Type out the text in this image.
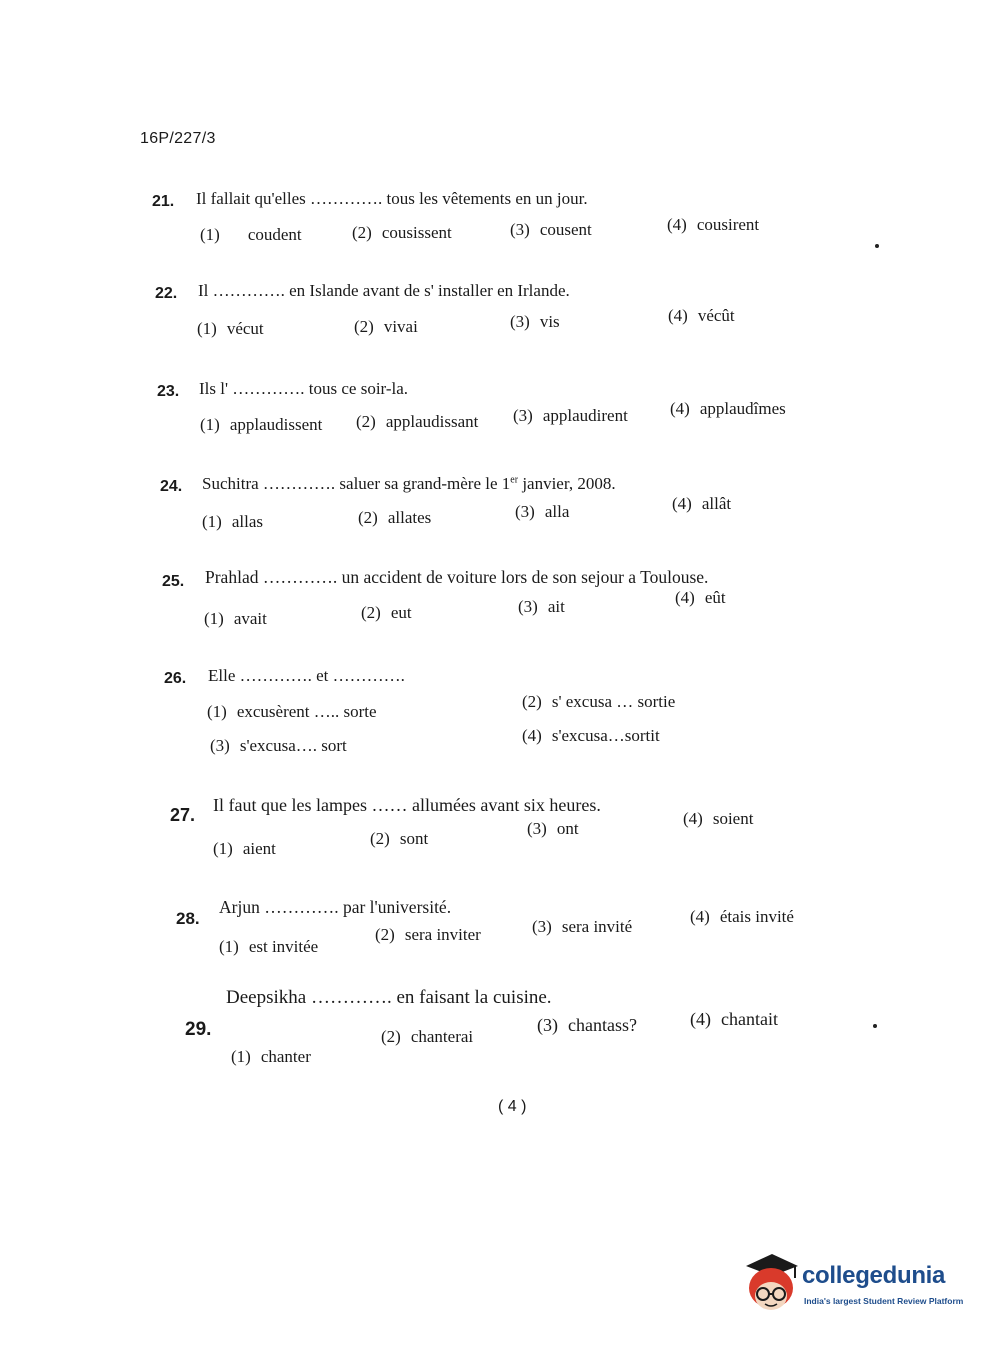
16P/227/3
21. Il fallait qu'elles …………. tous les vêtements en un jour.
(1) coudent	(2) cousissent	(3) cousent	(4) cousirent
22. Il …………. en Islande avant de s' installer en Irlande.
(1) vécut	(2) vivai	(3) vis	(4) vécût
23. Ils l' …………. tous ce soir-la.
(1) applaudissent (2) applaudissant (3) applaudirent (4) applaudîmes
24. Suchitra …………. saluer sa grand-mère le 1er janvier, 2008.
(1) allas	(2) allates	(3) alla	(4) allât
25. Prahlad …………. un accident de voiture lors de son sejour a Toulouse.
(1) avait	(2) eut	(3) ait	(4) eût
26. Elle …………. et ………….
(1) excusèrent ….. sorte
(2) s' excusa … sortie
(3) s'excusa…. sort
(4) s'excusa…sortit
27. Il faut que les lampes …… allumées avant six heures.
(1) aient
(2) sont
(3) ont
(4) soient
28.
Arjun …………. par l'université.
(1) est invitée
(2) sera inviter	(3) sera invité
(4) étais invité
29.
Deepsikha …………. en faisant la cuisine.
(1) chanter
(2) chanterai
(3) chantass?	(4) chantait
( 4 )
collegedunia
India's largest Student Review Platform
